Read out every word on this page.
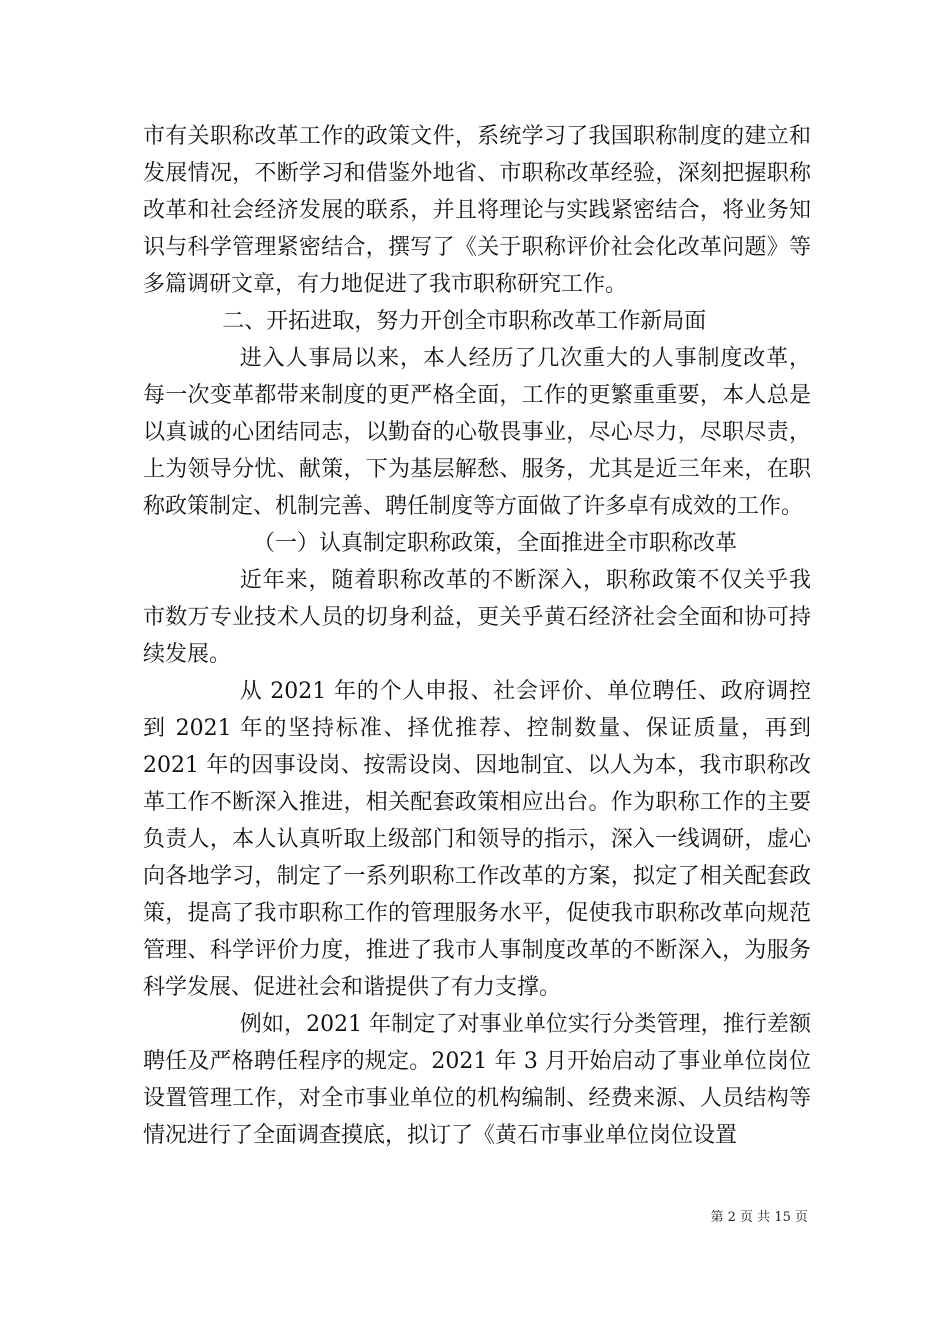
市有关职称改革工作的政策文件，系统学习了我国职称制度的建立和发展情况，不断学习和借鉴外地省、市职称改革经验，深刻把握职称改革和社会经济发展的联系，并且将理论与实践紧密结合，将业务知识与科学管理紧密结合，撰写了《关于职称评价社会化改革问题》等多篇调研文章，有力地促进了我市职称研究工作。

二、开拓进取，努力开创全市职称改革工作新局面

进入人事局以来，本人经历了几次重大的人事制度改革，每一次变革都带来制度的更严格全面，工作的更繁重重要，本人总是以真诚的心团结同志，以勤奋的心敬畏事业，尽心尽力，尽职尽责，上为领导分忧、献策，下为基层解愁、服务，尤其是近三年来，在职称政策制定、机制完善、聘任制度等方面做了许多卓有成效的工作。

（一）认真制定职称政策，全面推进全市职称改革

近年来，随着职称改革的不断深入，职称政策不仅关乎我市数万专业技术人员的切身利益，更关乎黄石经济社会全面和协可持续发展。

从 2021 年的个人申报、社会评价、单位聘任、政府调控到 2021 年的坚持标准、择优推荐、控制数量、保证质量，再到 2021 年的因事设岗、按需设岗、因地制宜、以人为本，我市职称改革工作不断深入推进，相关配套政策相应出台。作为职称工作的主要负责人，本人认真听取上级部门和领导的指示，深入一线调研，虚心向各地学习，制定了一系列职称工作改革的方案，拟定了相关配套政策，提高了我市职称工作的管理服务水平，促使我市职称改革向规范管理、科学评价力度，推进了我市人事制度改革的不断深入，为服务科学发展、促进社会和谐提供了有力支撑。

例如，2021 年制定了对事业单位实行分类管理，推行差额聘任及严格聘任程序的规定。2021 年 3 月开始启动了事业单位岗位设置管理工作，对全市事业单位的机构编制、经费来源、人员结构等情况进行了全面调查摸底，拟订了《黄石市事业单位岗位设置

第 2 页 共 15 页
